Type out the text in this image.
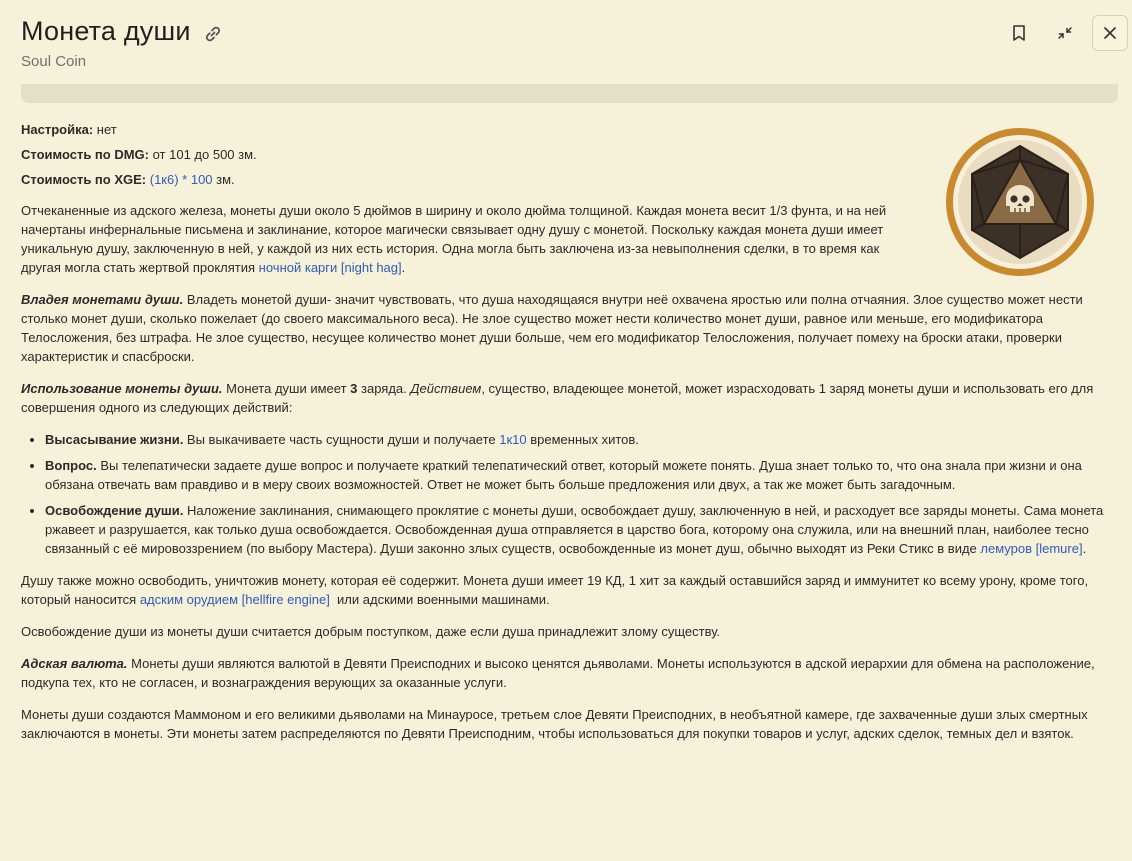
Монета души
Soul Coin
Настройка: нет
Стоимость по DMG: от 101 до 500 зм.
Стоимость по XGE: (1к6) * 100 зм.

Отчеканенные из адского железа, монеты души около 5 дюймов в ширину и около дюйма толщиной. Каждая монета весит 1/3 фунта, и на ней начертаны инфернальные письмена и заклинание, которое магически связывает одну душу с монетой. Поскольку каждая монета души имеет уникальную душу, заключенную в ней, у каждой из них есть история. Одна могла быть заключена из-за невыполнения сделки, в то время как другая могла стать жертвой проклятия ночной карги [night hag].

Владея монетами души. Владеть монетой души- значит чувствовать, что душа находящаяся внутри неё охвачена яростью или полна отчаяния. Злое существо может нести столько монет души, сколько пожелает (до своего максимального веса). Не злое существо может нести количество монет души, равное или меньше, его модификатора Телосложения, без штрафа. Не злое существо, несущее количество монет души больше, чем его модификатор Телосложения, получает помеху на броски атаки, проверки характеристик и спасброски.

Использование монеты души. Монета души имеет 3 заряда. Действием, существо, владеющее монетой, может израсходовать 1 заряд монеты души и использовать его для совершения одного из следующих действий:

• Высасывание жизни. Вы выкачиваете часть сущности души и получаете 1к10 временных хитов.
• Вопрос. Вы телепатически задаете душе вопрос и получаете краткий телепатический ответ, который можете понять. Душа знает только то, что она знала при жизни и она обязана отвечать вам правдиво и в меру своих возможностей. Ответ не может быть больше предложения или двух, а так же может быть загадочным.
• Освобождение души. Наложение заклинания, снимающего проклятие с монеты души, освобождает душу, заключенную в ней, и расходует все заряды монеты. Сама монета ржавеет и разрушается, как только душа освобождается. Освобожденная душа отправляется в царство бога, которому она служила, или на внешний план, наиболее тесно связанный с её мировоззрением (по выбору Мастера). Души законно злых существ, освобожденные из монет душ, обычно выходят из Реки Стикс в виде лемуров [lemure].

Душу также можно освободить, уничтожив монету, которая её содержит. Монета души имеет 19 КД, 1 хит за каждый оставшийся заряд и иммунитет ко всему урону, кроме того, который наносится адским орудием [hellfire engine]  или адскими военными машинами.

Освобождение души из монеты души считается добрым поступком, даже если душа принадлежит злому существу.

Адская валюта. Монеты души являются валютой в Девяти Преисподних и высоко ценятся дьяволами. Монеты используются в адской иерархии для обмена на расположение, подкупа тех, кто не согласен, и вознаграждения верующих за оказанные услуги.

Монеты души создаются Маммоном и его великими дьяволами на Минауросе, третьем слое Девяти Преисподних, в необъятной камере, где захваченные души злых смертных заключаются в монеты. Эти монеты затем распределяются по Девяти Преисподним, чтобы использоваться для покупки товаров и услуг, адских сделок, темных дел и взяток.
